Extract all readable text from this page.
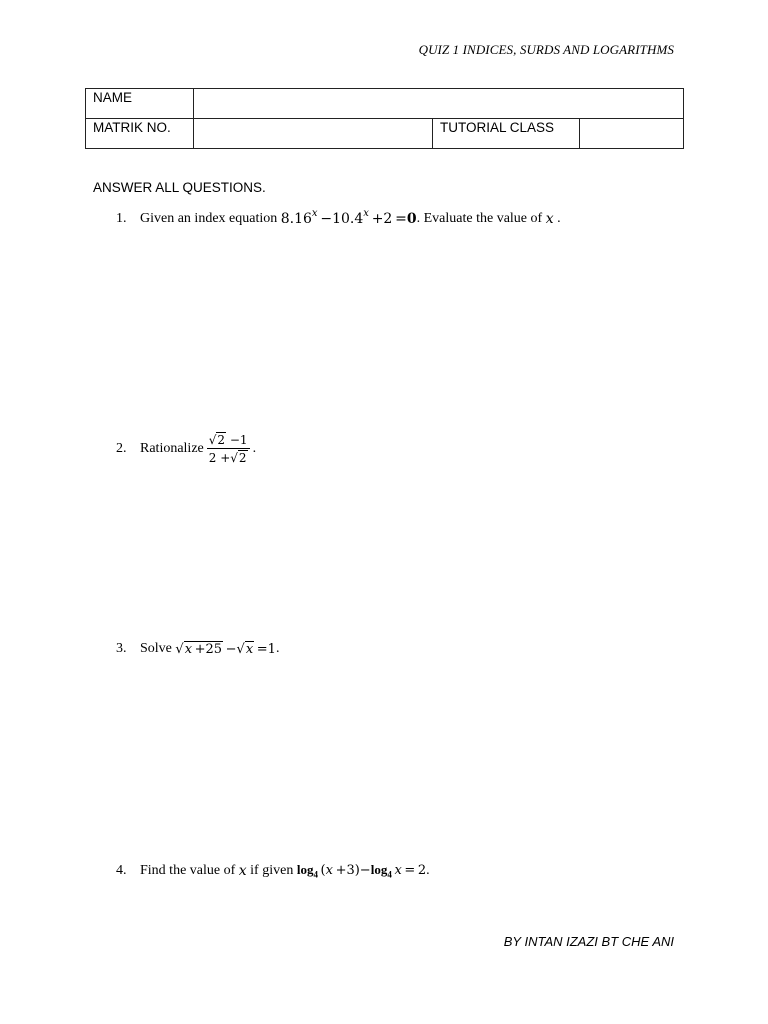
QUIZ 1 INDICES, SURDS AND LOGARITHMS
NAME			
MATRIK NO.		TUTORIAL CLASS	
ANSWER ALL QUESTIONS.
1. Given an index equation
$8.16^x -10.4^x +2 =0$ . Evaluate the value of
x
.
2. Rationalize $\frac{√2 -1}{2 +√2}$ .
3. Solve
√x +25 −√x =1 .
4. Find the value of
x
if given
$\log_4 (x +3)-\log_4$  x = 2 .
BY INTAN IZAZI BT CHE ANI
